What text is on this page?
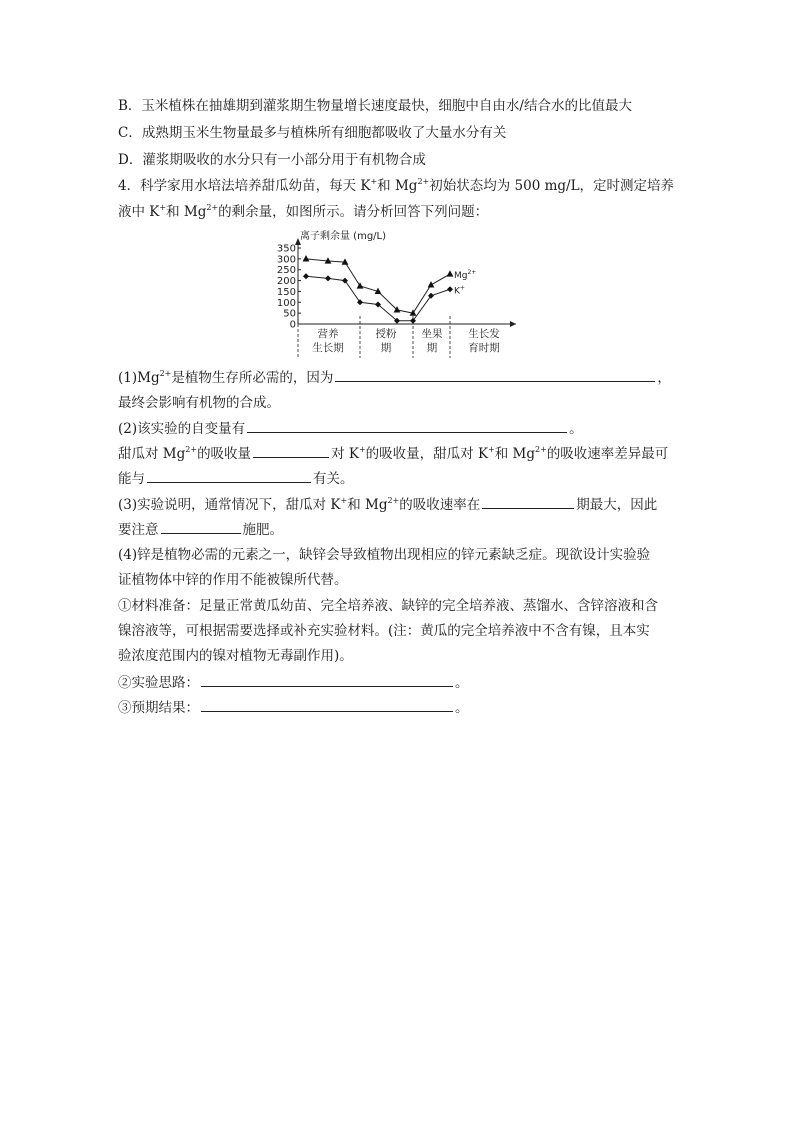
B．玉米植株在抽雄期到灌浆期生物量增长速度最快，细胞中自由水/结合水的比值最大
C．成熟期玉米生物量最多与植株所有细胞都吸收了大量水分有关
D．灌浆期吸收的水分只有一小部分用于有机物合成
4．科学家用水培法培养甜瓜幼苗，每天 K+和 $Mg^{2+}$初始状态均为 500 mg/L，定时测定培养
液中 K+和 $Mg^{2+}$的剩余量，如图所示。请分析回答下列问题：
离子剩余量 (mg/L)
0
50
100
150
200
250
300
350
营养
生长期
授粉
期
坐果
期
生长发
育时期
$Mg^{2+}$
K+
$(1)Mg^{2+}$是植物生存所必需的，因为	，
最终会影响有机物的合成。
(2)该实验的自变量有	。
甜瓜对 $Mg^{2+}$的吸收量	对 K+的吸收量，甜瓜对 K+和 $Mg^{2+}$的吸收速率差异最可
能与	有关。
(3)实验说明，通常情况下，甜瓜对 K+和 $Mg^{2+}$的吸收速率在	期最大，因此
要注意	施肥。
(4)锌是植物必需的元素之一，缺锌会导致植物出现相应的锌元素缺乏症。现欲设计实验验
证植物体中锌的作用不能被镍所代替。
①材料准备：足量正常黄瓜幼苗、完全培养液、缺锌的完全培养液、蒸馏水、含锌溶液和含
镍溶液等，可根据需要选择或补充实验材料。(注：黄瓜的完全培养液中不含有镍，且本实
验浓度范围内的镍对植物无毒副作用)。
②实验思路：	。
③预期结果：	。
